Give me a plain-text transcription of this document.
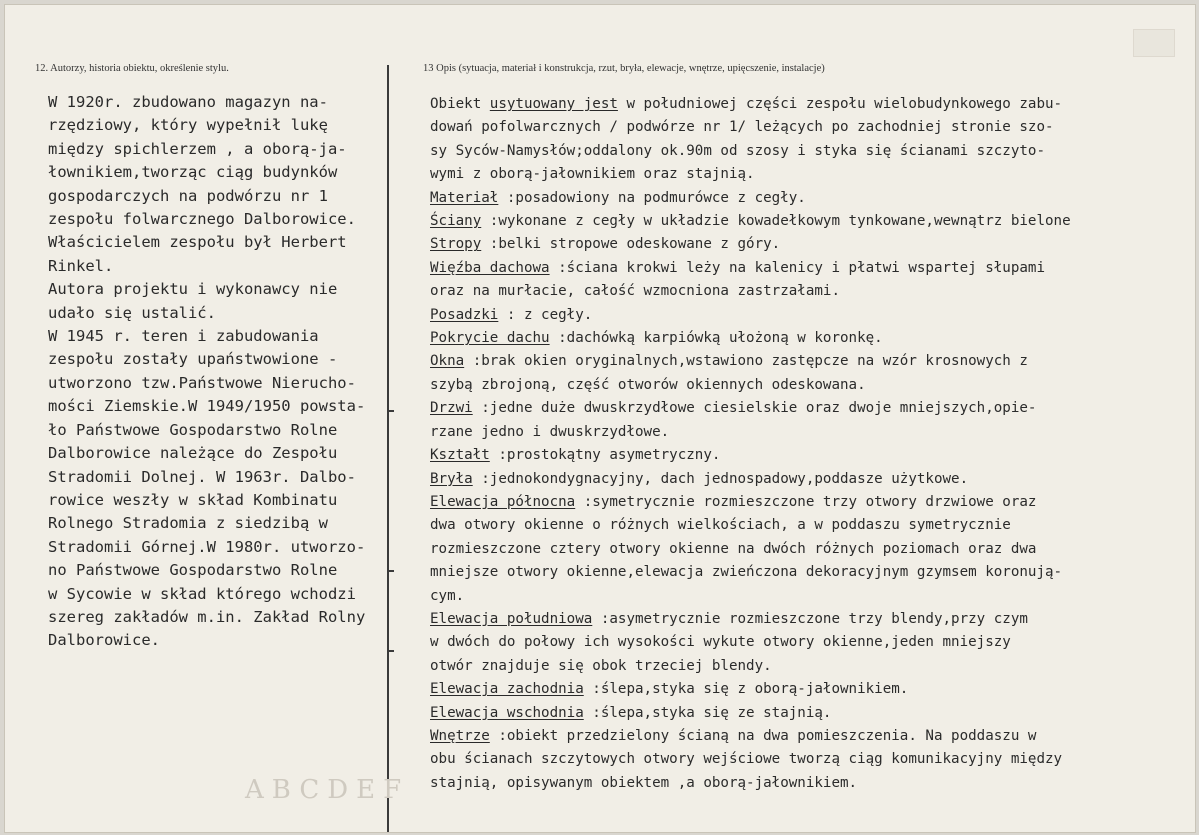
12. Autorzy, historia obiektu, określenie stylu.	13 Opis (sytuacja, materiał i konstrukcja, rzut, bryła, elewacje, wnętrze, upięcszenie, instalacje)
W 1920r. zbudowano magazyn na-
rzędziowy, który wypełnił lukę
między spichlerzem , a oborą-ja-
łownikiem,tworząc ciąg budynków
gospodarczych na podwórzu nr 1
zespołu folwarcznego Dalborowice.
Właścicielem zespołu był Herbert
Rinkel.
Autora projektu i wykonawcy nie
udało się ustalić.
W 1945 r. teren i zabudowania
zespołu zostały upaństwowione -
utworzono tzw.Państwowe Nierucho-
mości Ziemskie.W 1949/1950 powsta-
ło Państwowe Gospodarstwo Rolne
Dalborowice należące do Zespołu
Stradomii Dolnej. W 1963r. Dalbo-
rowice weszły w skład Kombinatu
Rolnego Stradomia z siedzibą w
Stradomii Górnej.W 1980r. utworzo-
no Państwowe Gospodarstwo Rolne
w Sycowie w skład którego wchodzi
szereg zakładów m.in. Zakład Rolny
Dalborowice.
Obiekt usytuowany jest w południowej części zespołu wielobudynkowego zabu-
dowań pofolwarcznych / podwórze nr 1/ leżących po zachodniej stronie szo-
sy Syców-Namysłów;oddalony ok.90m od szosy i styka się ścianami szczyto-
wymi z oborą-jałownikiem oraz stajnią.
Materiał :posadowiony na podmurówce z cegły.
Ściany :wykonane z cegły w układzie kowadełkowym tynkowane,wewnątrz bielone
Stropy :belki stropowe odeskowane z góry.
Więźba dachowa :ściana krokwi leży na kalenicy i płatwi wspartej słupami
oraz na murłacie, całość wzmocniona zastrzałami.
Posadzki : z cegły.
Pokrycie dachu :dachówką karpiówką ułożoną w koronkę.
Okna :brak okien oryginalnych,wstawiono zastępcze na wzór krosnowych z
szybą zbrojoną, część otworów okiennych odeskowana.
Drzwi :jedne duże dwuskrzydłowe ciesielskie oraz dwoje mniejszych,opie-
rzane jedno i dwuskrzydłowe.
Kształt :prostokątny asymetryczny.
Bryła :jednokondygnacyjny, dach jednospadowy,poddasze użytkowe.
Elewacja północna :symetrycznie rozmieszczone trzy otwory drzwiowe oraz
dwa otwory okienne o różnych wielkościach, a w poddaszu symetrycznie
rozmieszczone cztery otwory okienne na dwóch różnych poziomach oraz dwa
mniejsze otwory okienne,elewacja zwieńczona dekoracyjnym gzymsem koronują-
cym.
Elewacja południowa :asymetrycznie rozmieszczone trzy blendy,przy czym
w dwóch do połowy ich wysokości wykute otwory okienne,jeden mniejszy
otwór znajduje się obok trzeciej blendy.
Elewacja zachodnia :ślepa,styka się z oborą-jałownikiem.
Elewacja wschodnia :ślepa,styka się ze stajnią.
Wnętrze :obiekt przedzielony ścianą na dwa pomieszczenia. Na poddaszu w
obu ścianach szczytowych otwory wejściowe tworzą ciąg komunikacyjny między
stajnią, opisywanym obiektem ,a oborą-jałownikiem.
ABCDEF
